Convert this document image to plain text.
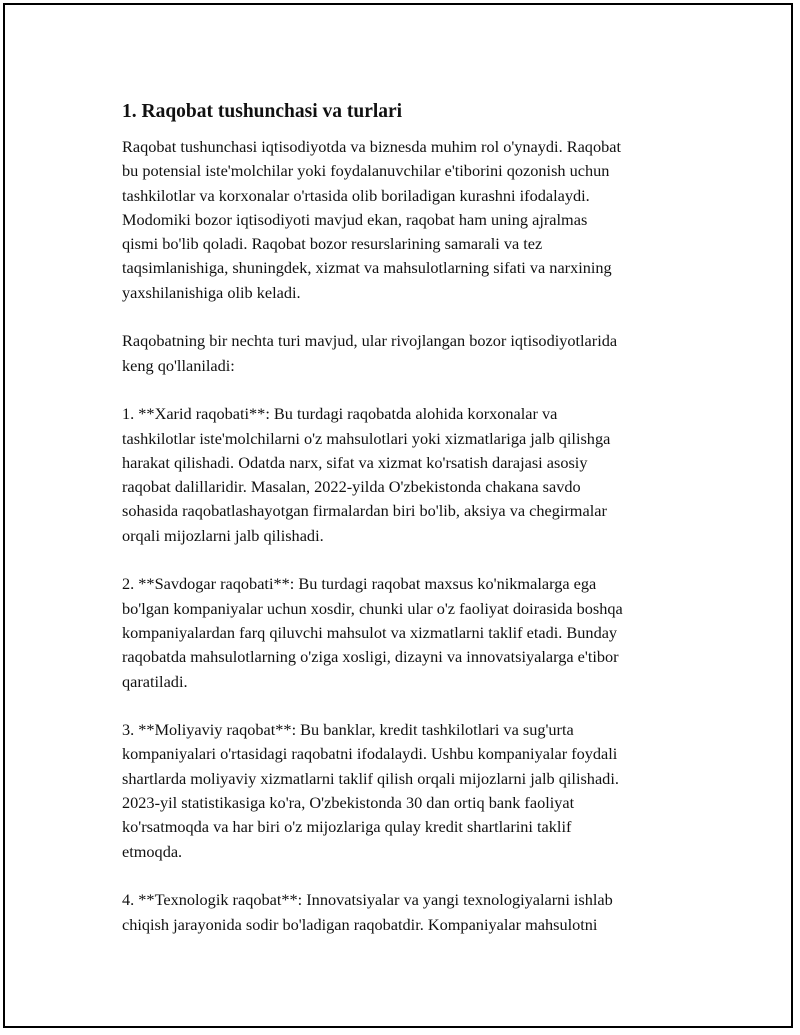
1. Raqobat tushunchasi va turlari
Raqobat tushunchasi iqtisodiyotda va biznesda muhim rol o'ynaydi. Raqobat
bu potensial iste'molchilar yoki foydalanuvchilar e'tiborini qozonish uchun
tashkilotlar va korxonalar o'rtasida olib boriladigan kurashni ifodalaydi.
Modomiki bozor iqtisodiyoti mavjud ekan, raqobat ham uning ajralmas
qismi bo'lib qoladi. Raqobat bozor resurslarining samarali va tez
taqsimlanishiga, shuningdek, xizmat va mahsulotlarning sifati va narxining
yaxshilanishiga olib keladi.
Raqobatning bir nechta turi mavjud, ular rivojlangan bozor iqtisodiyotlarida
keng qo'llaniladi:
1. **Xarid raqobati**: Bu turdagi raqobatda alohida korxonalar va
tashkilotlar iste'molchilarni o'z mahsulotlari yoki xizmatlariga jalb qilishga
harakat qilishadi. Odatda narx, sifat va xizmat ko'rsatish darajasi asosiy
raqobat dalillaridir. Masalan, 2022-yilda O'zbekistonda chakana savdo
sohasida raqobatlashayotgan firmalardan biri bo'lib, aksiya va chegirmalar
orqali mijozlarni jalb qilishadi.
2. **Savdogar raqobati**: Bu turdagi raqobat maxsus ko'nikmalarga ega
bo'lgan kompaniyalar uchun xosdir, chunki ular o'z faoliyat doirasida boshqa
kompaniyalardan farq qiluvchi mahsulot va xizmatlarni taklif etadi. Bunday
raqobatda mahsulotlarning o'ziga xosligi, dizayni va innovatsiyalarga e'tibor
qaratiladi.
3. **Moliyaviy raqobat**: Bu banklar, kredit tashkilotlari va sug'urta
kompaniyalari o'rtasidagi raqobatni ifodalaydi. Ushbu kompaniyalar foydali
shartlarda moliyaviy xizmatlarni taklif qilish orqali mijozlarni jalb qilishadi.
2023-yil statistikasiga ko'ra, O'zbekistonda 30 dan ortiq bank faoliyat
ko'rsatmoqda va har biri o'z mijozlariga qulay kredit shartlarini taklif
etmoqda.
4. **Texnologik raqobat**: Innovatsiyalar va yangi texnologiyalarni ishlab
chiqish jarayonida sodir bo'ladigan raqobatdir. Kompaniyalar mahsulotni
